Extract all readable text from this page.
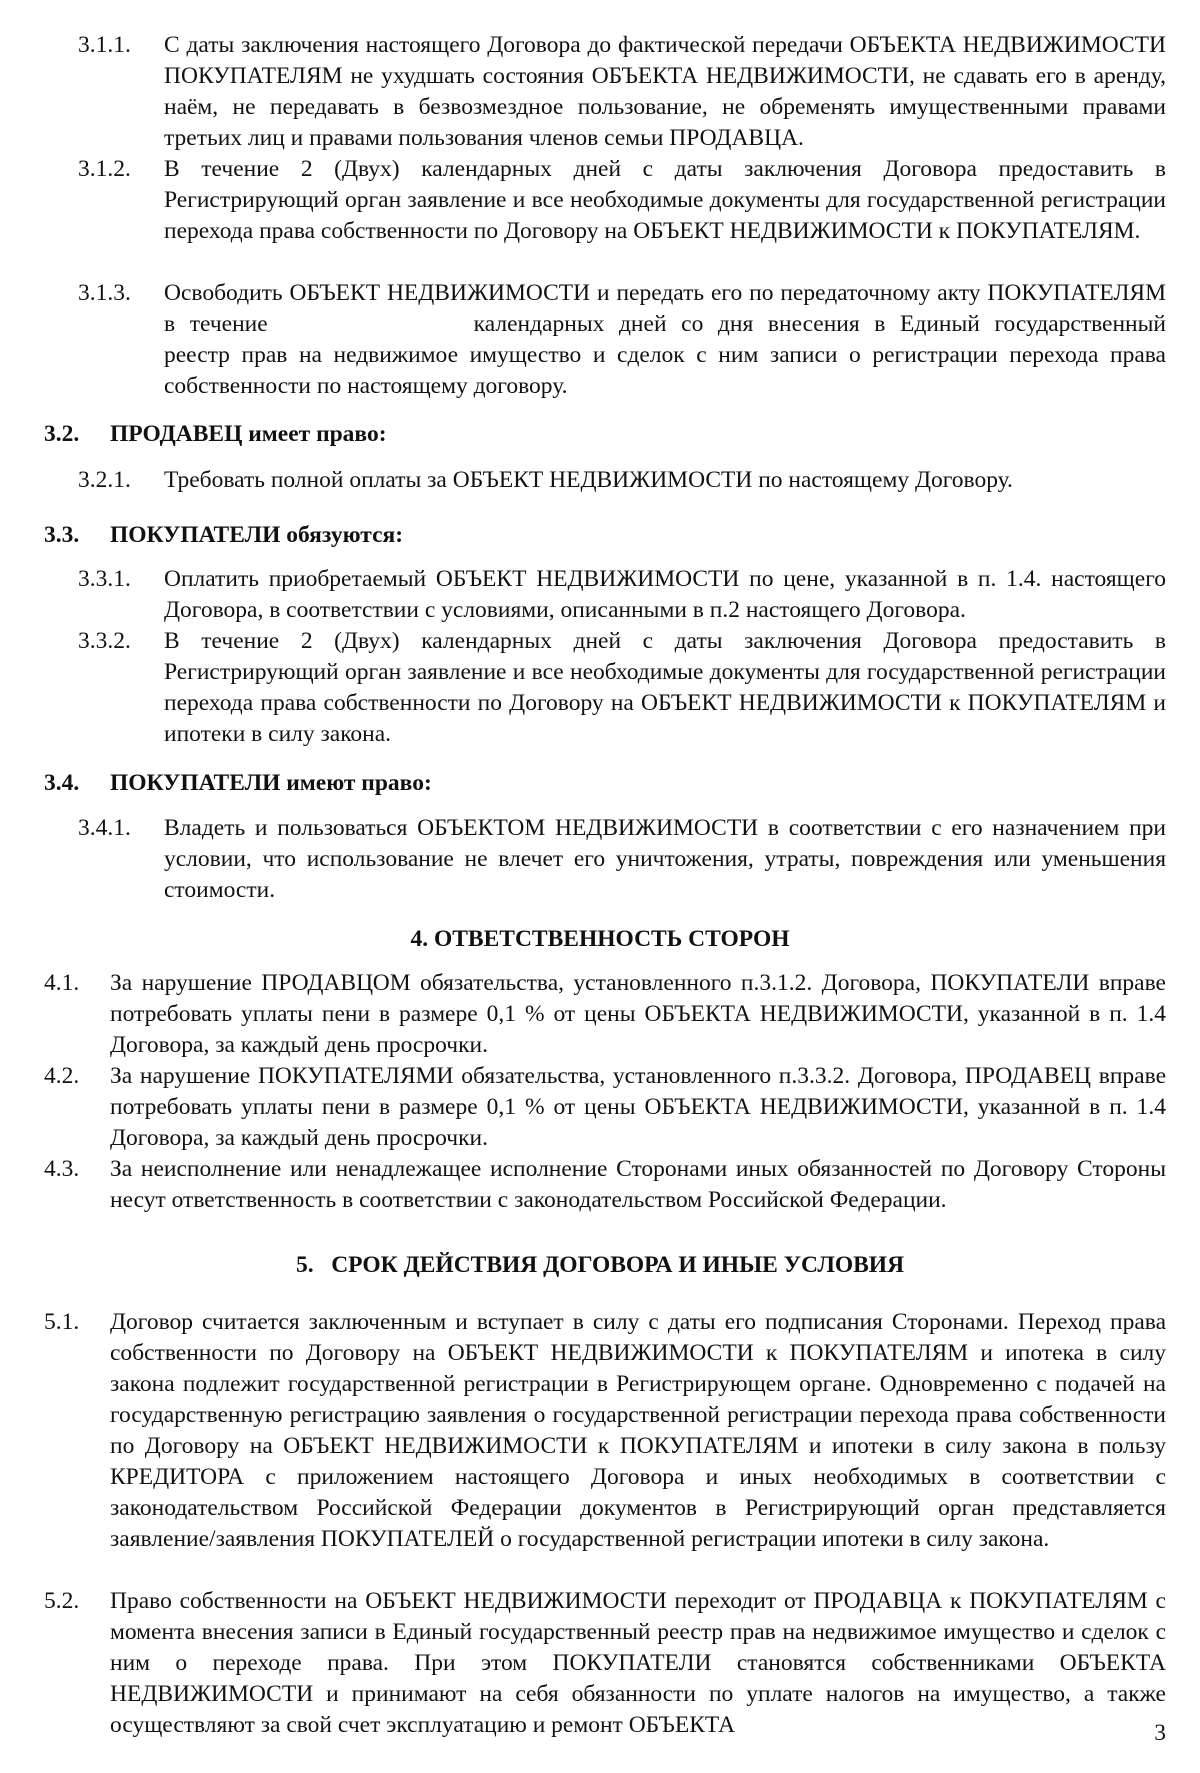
3.1.1. С даты заключения настоящего Договора до фактической передачи ОБЪЕКТА НЕДВИЖИМОСТИ ПОКУПАТЕЛЯМ не ухудшать состояния ОБЪЕКТА НЕДВИЖИМОСТИ, не сдавать его в аренду, наём, не передавать в безвозмездное пользование, не обременять имущественными правами третьих лиц и правами пользования членов семьи ПРОДАВЦА.
3.1.2. В течение 2 (Двух) календарных дней с даты заключения Договора предоставить в Регистрирующий орган заявление и все необходимые документы для государственной регистрации перехода права собственности по Договору на ОБЪЕКТ НЕДВИЖИМОСТИ к ПОКУПАТЕЛЯМ.
3.1.3. Освободить ОБЪЕКТ НЕДВИЖИМОСТИ и передать его по передаточному акту ПОКУПАТЕЛЯМ в течение	календарных дней со дня внесения в Единый государственный реестр прав на недвижимое имущество и сделок с ним записи о регистрации перехода права собственности по настоящему договору.
3.2. ПРОДАВЕЦ имеет право:
3.2.1. Требовать полной оплаты за ОБЪЕКТ НЕДВИЖИМОСТИ по настоящему Договору.
3.3. ПОКУПАТЕЛИ обязуются:
3.3.1. Оплатить приобретаемый ОБЪЕКТ НЕДВИЖИМОСТИ по цене, указанной в п. 1.4. настоящего Договора, в соответствии с условиями, описанными в п.2 настоящего Договора.
3.3.2. В течение 2 (Двух) календарных дней с даты заключения Договора предоставить в Регистрирующий орган заявление и все необходимые документы для государственной регистрации перехода права собственности по Договору на ОБЪЕКТ НЕДВИЖИМОСТИ к ПОКУПАТЕЛЯМ и ипотеки в силу закона.
3.4. ПОКУПАТЕЛИ имеют право:
3.4.1. Владеть и пользоваться ОБЪЕКТОМ НЕДВИЖИМОСТИ в соответствии с его назначением при условии, что использование не влечет его уничтожения, утраты, повреждения или уменьшения стоимости.
4. ОТВЕТСТВЕННОСТЬ СТОРОН
4.1. За нарушение ПРОДАВЦОМ обязательства, установленного п.3.1.2. Договора, ПОКУПАТЕЛИ вправе потребовать уплаты пени в размере 0,1 % от цены ОБЪЕКТА НЕДВИЖИМОСТИ, указанной в п. 1.4 Договора, за каждый день просрочки.
4.2. За нарушение ПОКУПАТЕЛЯМИ обязательства, установленного п.3.3.2. Договора, ПРОДАВЕЦ вправе потребовать уплаты пени в размере 0,1 % от цены ОБЪЕКТА НЕДВИЖИМОСТИ, указанной в п. 1.4 Договора, за каждый день просрочки.
4.3. За неисполнение или ненадлежащее исполнение Сторонами иных обязанностей по Договору Стороны несут ответственность в соответствии с законодательством Российской Федерации.
5.   СРОК ДЕЙСТВИЯ ДОГОВОРА И ИНЫЕ УСЛОВИЯ
5.1. Договор считается заключенным и вступает в силу с даты его подписания Сторонами. Переход права собственности по Договору на ОБЪЕКТ НЕДВИЖИМОСТИ к ПОКУПАТЕЛЯМ и ипотека в силу закона подлежит государственной регистрации в Регистрирующем органе. Одновременно с подачей на государственную регистрацию заявления о государственной регистрации перехода права собственности по Договору на ОБЪЕКТ НЕДВИЖИМОСТИ к ПОКУПАТЕЛЯМ и ипотеки в силу закона в пользу КРЕДИТОРА с приложением настоящего Договора и иных необходимых в соответствии с законодательством Российской Федерации документов в Регистрирующий орган представляется заявление/заявления ПОКУПАТЕЛЕЙ о государственной регистрации ипотеки в силу закона.
5.2. Право собственности на ОБЪЕКТ НЕДВИЖИМОСТИ переходит от ПРОДАВЦА к ПОКУПАТЕЛЯМ с момента внесения записи в Единый государственный реестр прав на недвижимое имущество и сделок с ним о переходе права. При этом ПОКУПАТЕЛИ становятся собственниками ОБЪЕКТА НЕДВИЖИМОСТИ и принимают на себя обязанности по уплате налогов на имущество, а также осуществляют за свой счет эксплуатацию и ремонт ОБЪЕКТА	3
